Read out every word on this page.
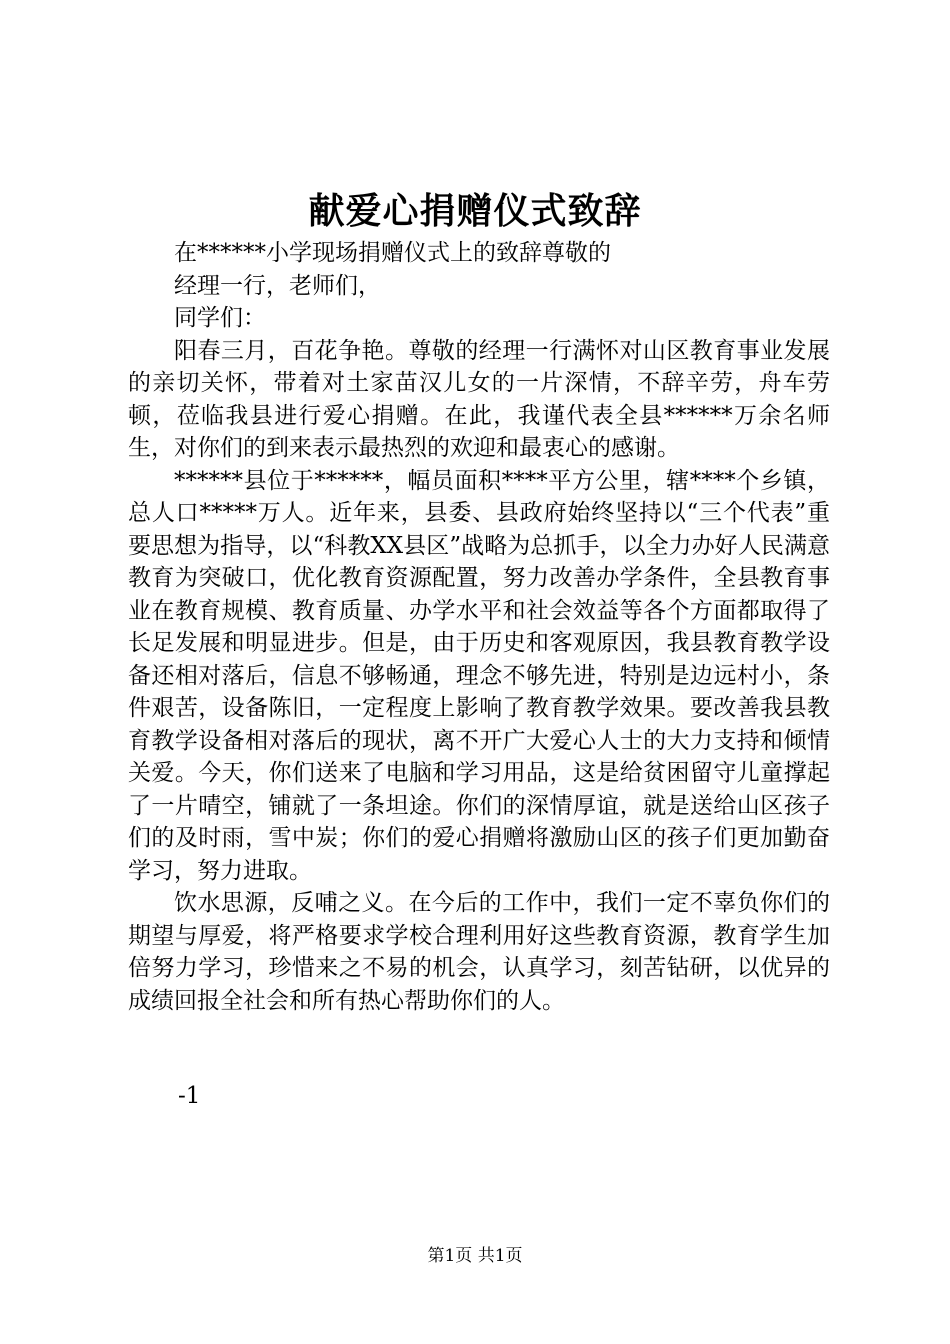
献爱心捐赠仪式致辞

在******小学现场捐赠仪式上的致辞尊敬的

经理一行，老师们，

同学们：

阳春三月，百花争艳。尊敬的经理一行满怀对山区教育事业发展的亲切关怀，带着对土家苗汉儿女的一片深情，不辞辛劳，舟车劳顿，莅临我县进行爱心捐赠。在此，我谨代表全县******万余名师生，对你们的到来表示最热烈的欢迎和最衷心的感谢。

******县位于******，幅员面积****平方公里，辖****个乡镇，总人口*****万人。近年来，县委、县政府始终坚持以“三个代表”重要思想为指导，以“科教XX县区”战略为总抓手，以全力办好人民满意教育为突破口，优化教育资源配置，努力改善办学条件，全县教育事业在教育规模、教育质量、办学水平和社会效益等各个方面都取得了长足发展和明显进步。但是，由于历史和客观原因，我县教育教学设备还相对落后，信息不够畅通，理念不够先进，特别是边远村小，条件艰苦，设备陈旧，一定程度上影响了教育教学效果。要改善我县教育教学设备相对落后的现状，离不开广大爱心人士的大力支持和倾情关爱。今天，你们送来了电脑和学习用品，这是给贫困留守儿童撑起了一片晴空，铺就了一条坦途。你们的深情厚谊，就是送给山区孩子们的及时雨，雪中炭；你们的爱心捐赠将激励山区的孩子们更加勤奋学习，努力进取。

饮水思源，反哺之义。在今后的工作中，我们一定不辜负你们的期望与厚爱，将严格要求学校合理利用好这些教育资源，教育学生加倍努力学习，珍惜来之不易的机会，认真学习，刻苦钻研，以优异的成绩回报全社会和所有热心帮助你们的人。

-1
第1页 共1页
